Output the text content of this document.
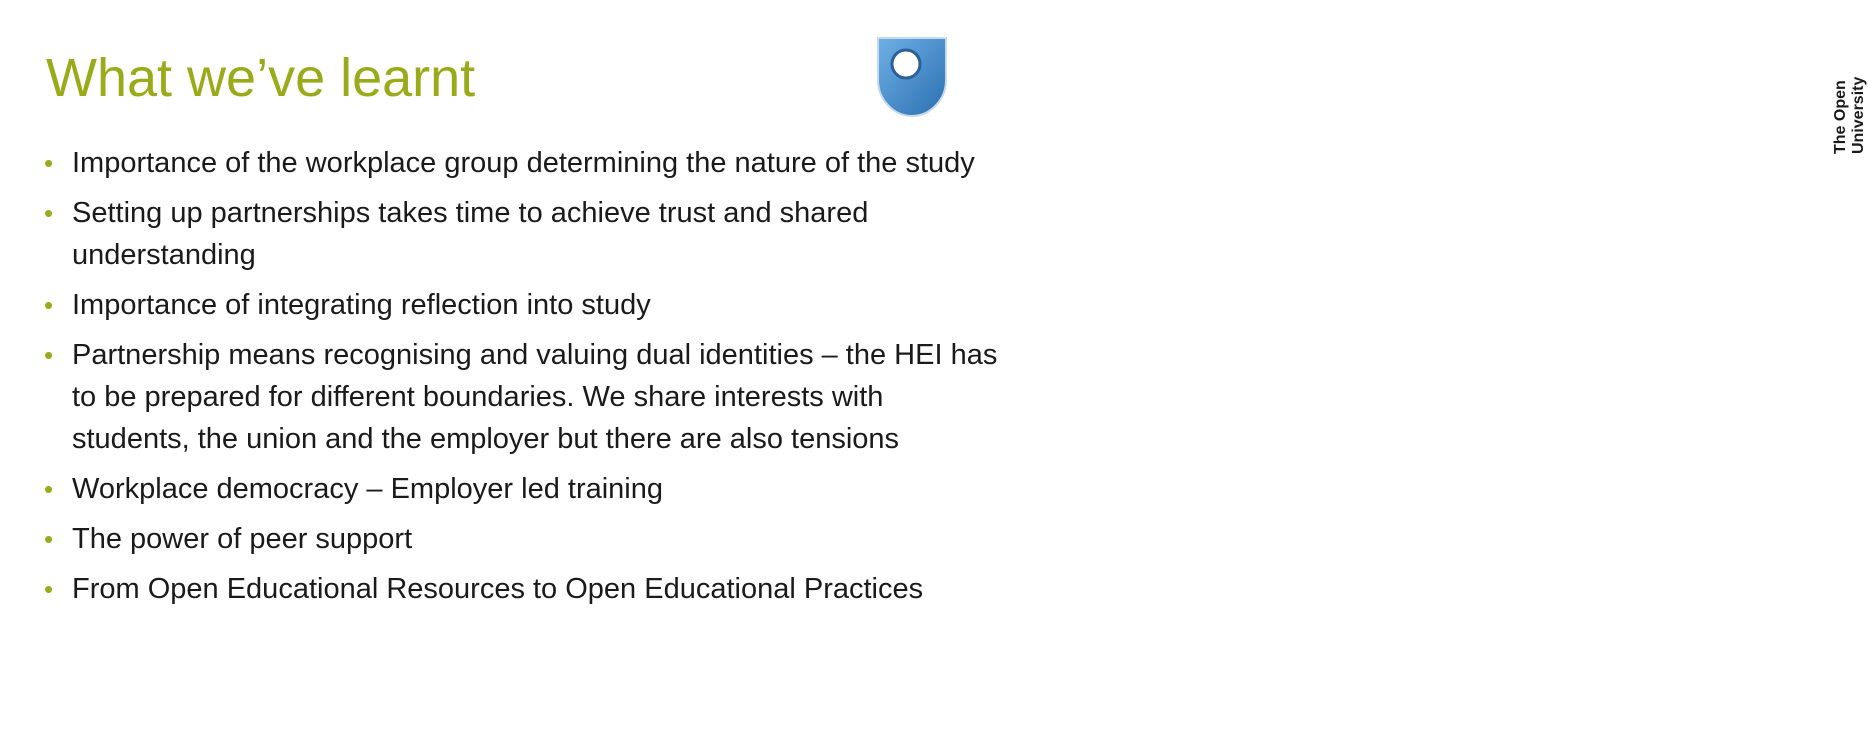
What we’ve learnt
The Open University
• Importance of the workplace group determining the nature of the study
• Setting up partnerships takes time to achieve trust and shared understanding
• Importance of integrating reflection into study
• Partnership means recognising and valuing dual identities – the HEI has to be prepared for different boundaries. We share interests with students, the union and the employer but there are also tensions
• Workplace democracy – Employer led training
• The power of peer support
• From Open Educational Resources to Open Educational Practices
